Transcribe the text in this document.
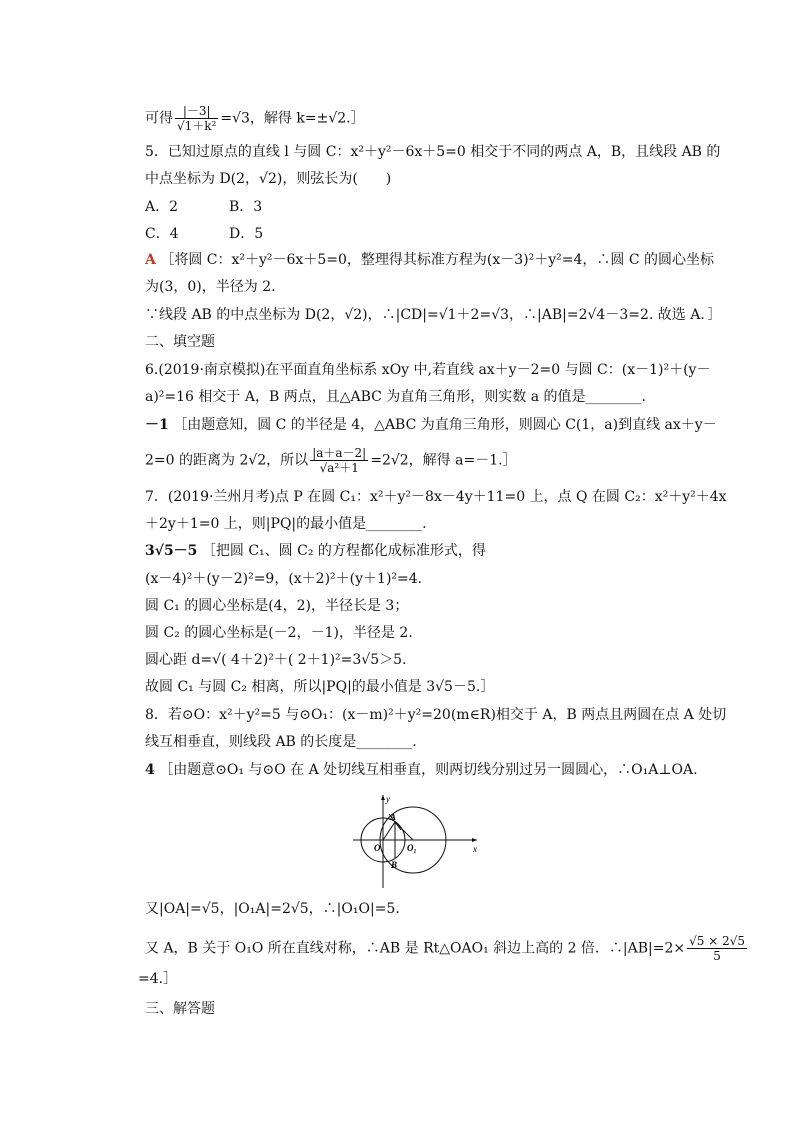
可得 $\frac{|-3|}{\text{√1＋k²}} =√3$，解得 k=±√2.］
5．已知过原点的直线 l 与圆 C：x²＋y²－6x＋5=0 相交于不同的两点 A，B，且线段 AB 的
中点坐标为 D(2，√2)，则弦长为(　　)
A．2	B．3
C．4	D．5
A ［将圆 C：x²＋y²－6x＋5=0，整理得其标准方程为(x－3)²＋y²=4，∴圆 C 的圆心坐标
为(3，0)，半径为 2.
∵线段 AB 的中点坐标为 D(2，√2)，∴|CD|=√1＋2=√3，∴|AB|=2√4－3=2. 故选 A．］
二、填空题
6.(2019·南京模拟)在平面直角坐标系 xOy 中,若直线 ax＋y－2=0 与圆 C：(x－1)²＋(y－
a)²=16 相交于 A，B 两点，且△ABC 为直角三角形，则实数 a 的值是________.
－1 ［由题意知，圆 C 的半径是 4，△ABC 为直角三角形，则圆心 C(1，a)到直线 ax＋y－
2=0 的距离为 2√2，所以 $\frac{|a+a-2|}{\text{√a²＋1}} =2√2$，解得 a=－1.］
7．(2019·兰州月考)点 P 在圆 C₁：x²＋y²－8x－4y＋11=0 上，点 Q 在圆 C₂：x²＋y²＋4x
＋2y＋1=0 上，则|PQ|的最小值是________.
3√5－5 ［把圆 C₁、圆 C₂ 的方程都化成标准形式，得
(x－4)²＋(y－2)²=9，(x＋2)²＋(y＋1)²=4.
圆 C₁ 的圆心坐标是(4，2)，半径长是 3；
圆 C₂ 的圆心坐标是(－2，－1)，半径是 2.
圆心距 d=√( 4＋2)²＋( 2＋1)²=3√5＞5.
故圆 C₁ 与圆 C₂ 相离，所以|PQ|的最小值是 3√5－5.］
8．若⊙O：x²＋y²=5 与⊙O₁：(x－m)²＋y²=20(m∈R)相交于 A，B 两点且两圆在点 A 处切
线互相垂直，则线段 AB 的长度是________.
4 ［由题意⊙O₁ 与⊙O 在 A 处切线互相垂直，则两切线分别过另一圆圆心，∴O₁A⊥OA.
y
x
A
B
O	O₁
又|OA|=√5，|O₁A|=2√5，∴|O₁O|=5.
又 A，B 关于 O₁O 所在直线对称，∴AB 是 Rt△OAO₁ 斜边上高的 2 倍．∴|AB|=2× $\frac{√5 \times 2√5}{5}$
=4.］
三、解答题
